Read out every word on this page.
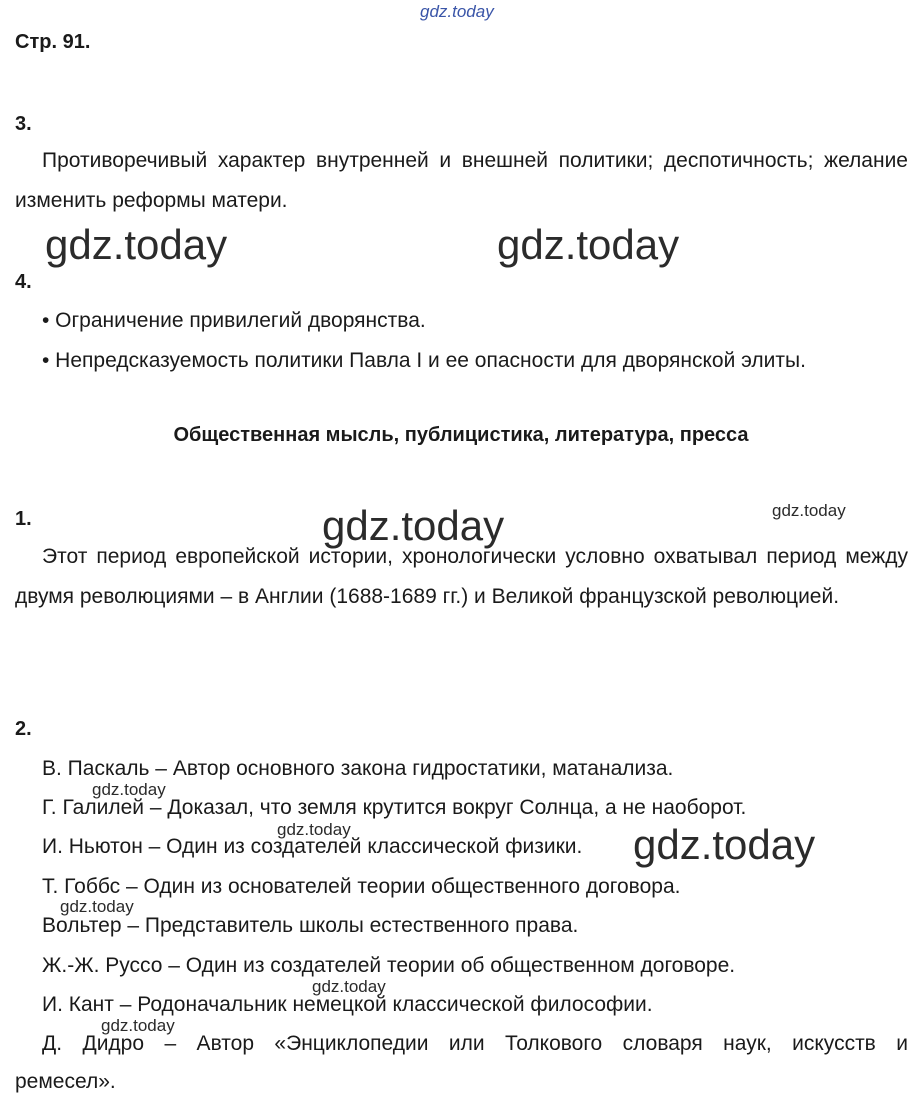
gdz.today
gdz.today	gdz.today
gdz.today	gdz.today
gdz.today
gdz.today	gdz.today
gdz.today
gdz.today
gdz.today
Стр. 91.
3.

Противоречивый характер внутренней и внешней политики; деспотичность; желание изменить реформы матери.

4.
• Ограничение привилегий дворянства.
• Непредсказуемость политики Павла I и ее опасности для дворянской элиты.
Общественная мысль, публицистика, литература, пресса
1.

Этот период европейской истории, хронологически условно охватывал период между двумя революциями – в Англии (1688-1689 гг.) и Великой французской революцией.

2.
В. Паскаль – Автор основного закона гидростатики, матанализа.
Г. Галилей – Доказал, что земля крутится вокруг Солнца, а не наоборот.
И. Ньютон – Один из создателей классической физики.
Т. Гоббс – Один из основателей теории общественного договора.
Вольтер – Представитель школы естественного права.
Ж.-Ж. Руссо – Один из создателей теории об общественном договоре.
И. Кант – Родоначальник немецкой классической философии.

Д. Дидро – Автор «Энциклопедии или Толкового словаря наук, искусств и

ремесел».
